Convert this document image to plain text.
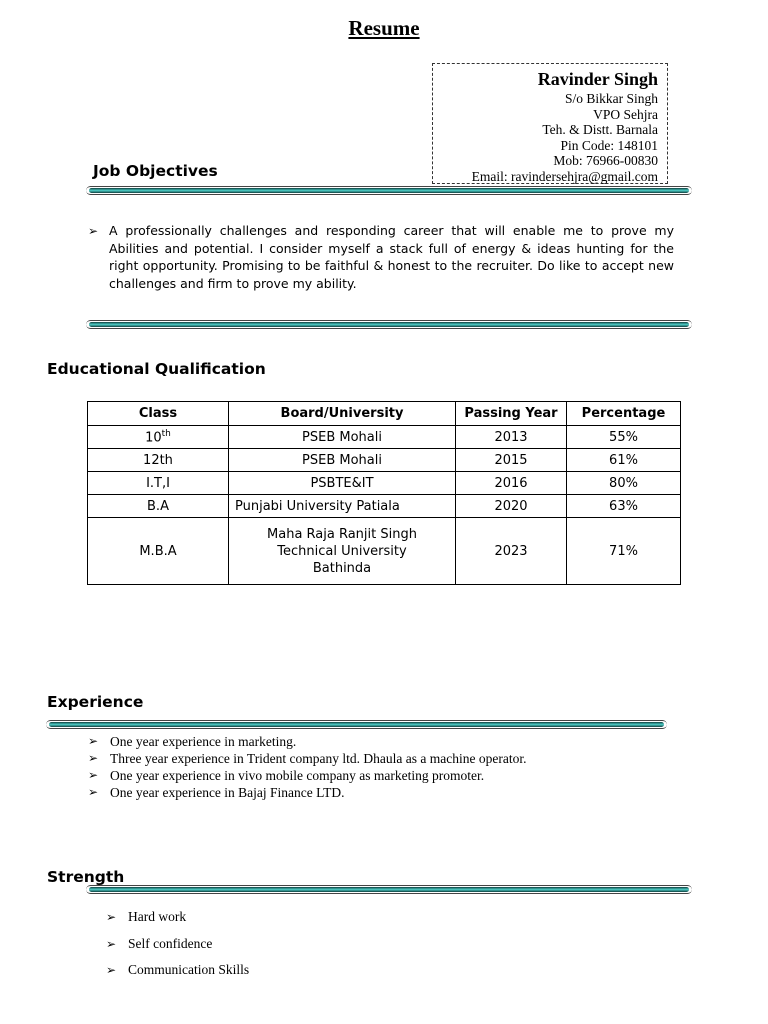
Resume
Ravinder Singh
S/o Bikkar Singh
VPO Sehjra
Teh. & Distt. Barnala
Pin Code: 148101
Mob: 76966-00830
Email: ravindersehjra@gmail.com
Job Objectives
➢ A professionally challenges and responding career that will enable me to prove my Abilities and potential. I consider myself a stack full of energy & ideas hunting for the right opportunity. Promising to be faithful & honest to the recruiter. Do like to accept new challenges and firm to prove my ability.

Educational Qualification
Class	Board/University	Passing Year	Percentage
10th	PSEB Mohali	2013	55%
12th	PSEB Mohali	2015	61%
I.T,I	PSBTE&IT	2016	80%
B.A	Punjabi University Patiala	2020	63%
M.B.A	Maha Raja Ranjit Singh
Technical University
Bathinda	2023	71%
Experience
➢ One year experience in marketing.
➢ Three year experience in Trident company ltd. Dhaula as a machine operator.
➢ One year experience in vivo mobile company as marketing promoter.
➢ One year experience in Bajaj Finance LTD.
Strength
➢ Hard work
➢ Self confidence
➢ Communication Skills
